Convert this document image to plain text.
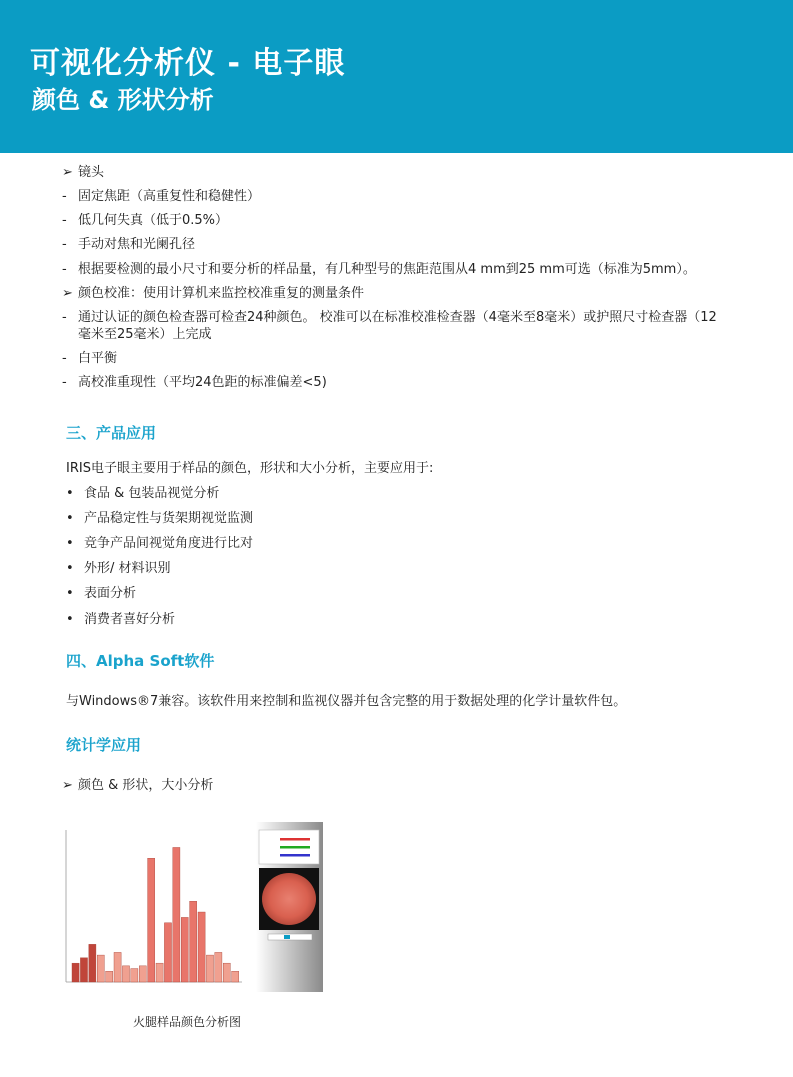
可视化分析仪 - 电子眼
颜色 & 形状分析
➢ 镜头
- 固定焦距（高重复性和稳健性）
- 低几何失真（低于0.5%）
- 手动对焦和光阑孔径
- 根据要检测的最小尺寸和要分析的样品量，有几种型号的焦距范围从4 mm到25 mm可选（标准为5mm）。
➢ 颜色校准：使用计算机来监控校准重复的测量条件
- 通过认证的颜色检查器可检查24种颜色。 校准可以在标准校准检查器（4毫米至8毫米）或护照尺寸检查器（12
毫米至25毫米）上完成
- 白平衡
- 高校准重现性（平均24色距的标准偏差<5)
三、产品应用
IRIS电子眼主要用于样品的颜色，形状和大小分析，主要应用于:
• 食品 & 包装品视觉分析
• 产品稳定性与货架期视觉监测
• 竞争产品间视觉角度进行比对
• 外形/ 材料识别
• 表面分析
• 消费者喜好分析
四、Alpha Soft软件
与Windows®7兼容。该软件用来控制和监视仪器并包含完整的用于数据处理的化学计量软件包。
统计学应用
➢ 颜色 & 形状，大小分析
火腿样品颜色分析图
